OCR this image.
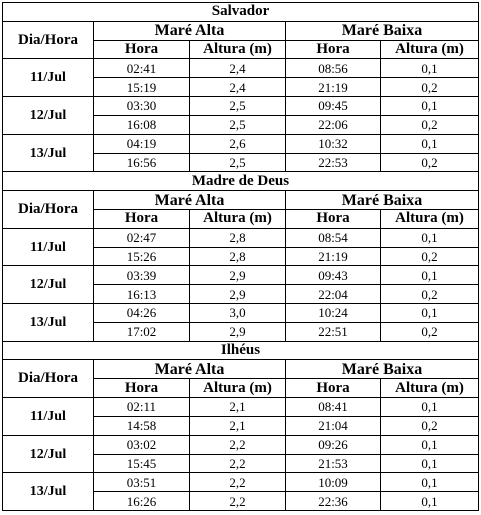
Salvador				
Dia/Hora	Maré Alta		Maré Baixa	
	Hora	Altura (m)	Hora	Altura (m)
11/Jul	02:41	2,4	08:56	0,1
	15:19	2,4	21:19	0,2
12/Jul	03:30	2,5	09:45	0,1
	16:08	2,5	22:06	0,2
13/Jul	04:19	2,6	10:32	0,1
	16:56	2,5	22:53	0,2
Madre de Deus				
Dia/Hora	Maré Alta		Maré Baixa	
	Hora	Altura (m)	Hora	Altura (m)
11/Jul	02:47	2,8	08:54	0,1
	15:26	2,8	21:19	0,2
12/Jul	03:39	2,9	09:43	0,1
	16:13	2,9	22:04	0,2
13/Jul	04:26	3,0	10:24	0,1
	17:02	2,9	22:51	0,2
Ilhéus				
Dia/Hora	Maré Alta		Maré Baixa	
	Hora	Altura (m)	Hora	Altura (m)
11/Jul	02:11	2,1	08:41	0,1
	14:58	2,1	21:04	0,2
12/Jul	03:02	2,2	09:26	0,1
	15:45	2,2	21:53	0,1
13/Jul	03:51	2,2	10:09	0,1
	16:26	2,2	22:36	0,1
